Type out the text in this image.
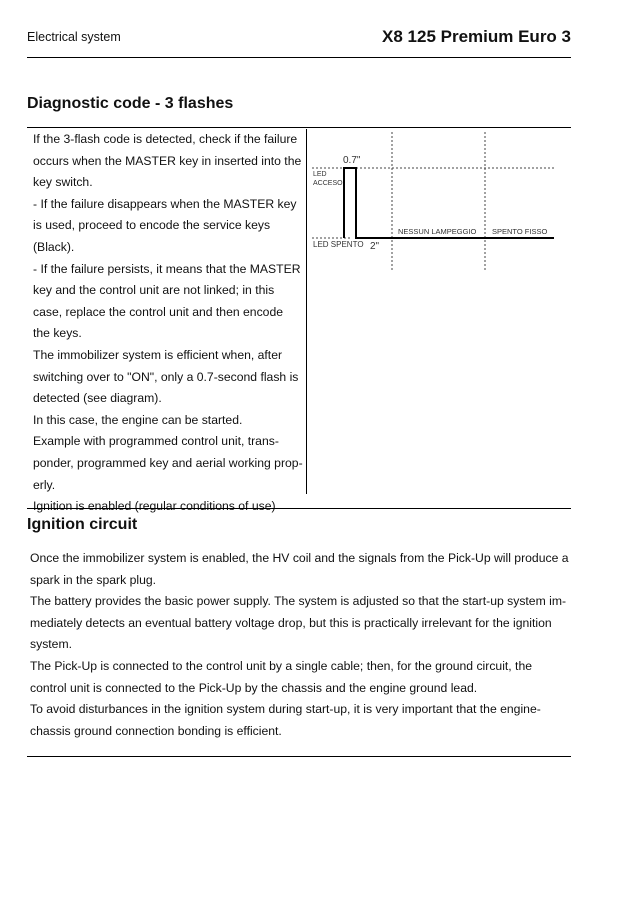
Electrical system	X8 125 Premium Euro 3
Diagnostic code - 3 flashes

If the 3-flash code is detected, check if the failure occurs when the MASTER key in inserted into the key switch.

- If the failure disappears when the MASTER key is used, proceed to encode the service keys (Black).

- If the failure persists, it means that the MASTER key and the control unit are not linked; in this case, replace the control unit and then encode the keys.

The immobilizer system is efficient when, after switching over to "ON", only a 0.7-second flash is detected (see diagram).

In this case, the engine can be started.

Example with programmed control unit, trans-ponder, programmed key and aerial working prop-erly.

Ignition is enabled (regular conditions of use)

0.7"
LED
ACCESO
LED SPENTO 2"
NESSUN LAMPEGGIO SPENTO FISSO
Ignition circuit

Once the immobilizer system is enabled, the HV coil and the signals from the Pick-Up will produce a spark in the spark plug.

The battery provides the basic power supply. The system is adjusted so that the start-up system im-mediately detects an eventual battery voltage drop, but this is practically irrelevant for the ignition system.

The Pick-Up is connected to the control unit by a single cable; then, for the ground circuit, the control unit is connected to the Pick-Up by the chassis and the engine ground lead.

To avoid disturbances in the ignition system during start-up, it is very important that the engine-chassis ground connection bonding is efficient.
